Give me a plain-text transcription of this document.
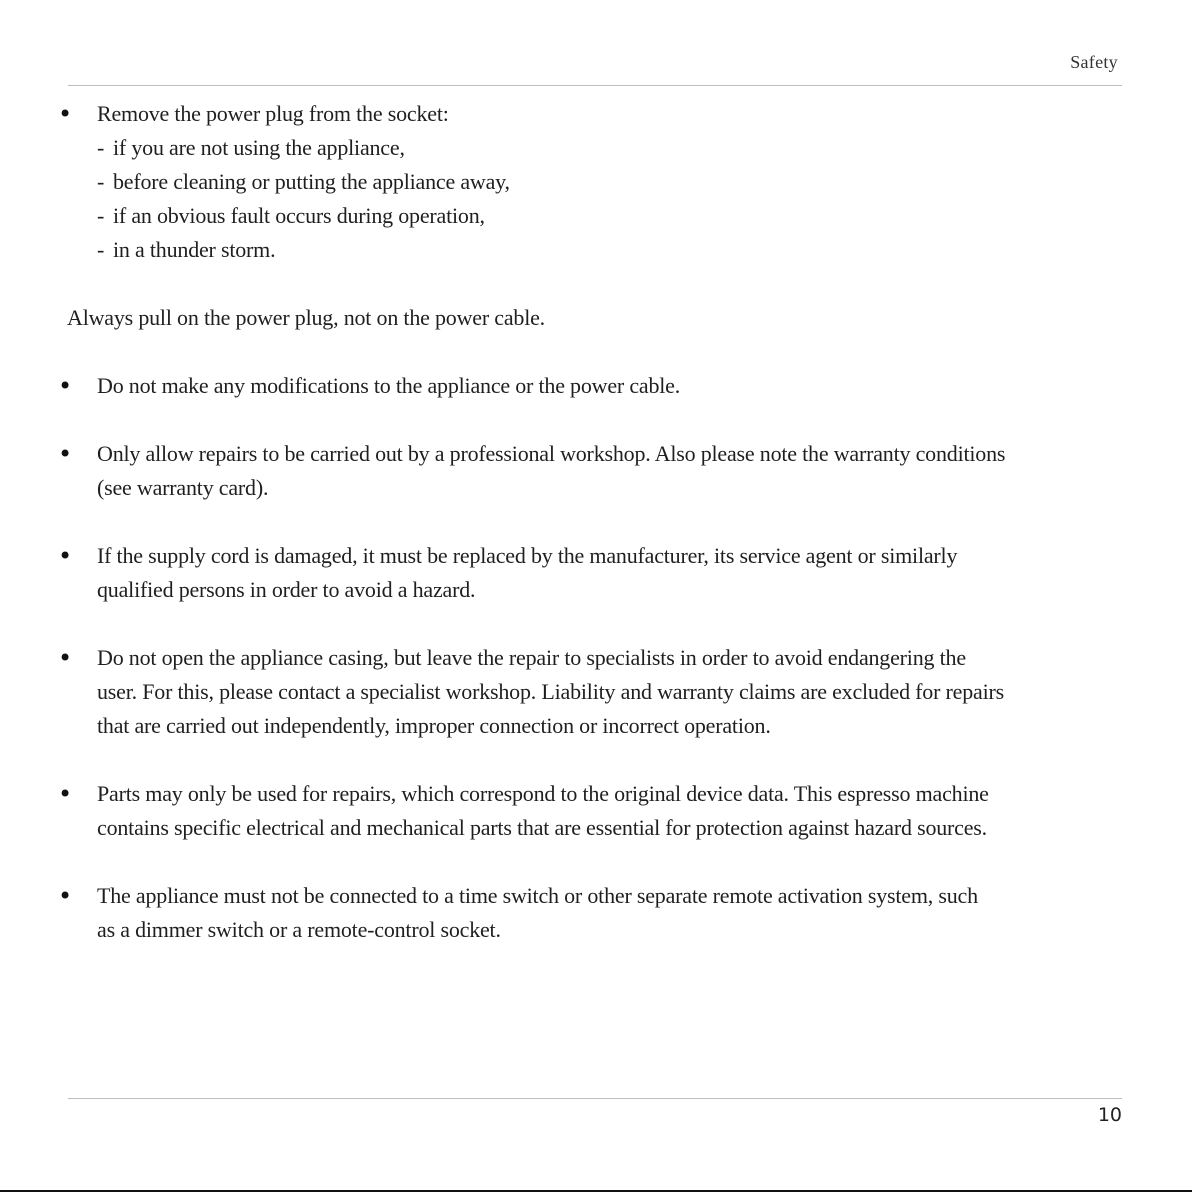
Safety
• Remove the power plug from the socket:
- if you are not using the appliance,
- before cleaning or putting the appliance away,
- if an obvious fault occurs during operation,
- in a thunder storm.
Always pull on the power plug, not on the power cable.
• Do not make any modifications to the appliance or the power cable.
• Only allow repairs to be carried out by a professional workshop. Also please note the warranty conditions
(see warranty card).
• If the supply cord is damaged, it must be replaced by the manufacturer, its service agent or similarly
qualified persons in order to avoid a hazard.
• Do not open the appliance casing, but leave the repair to specialists in order to avoid endangering the
user. For this, please contact a specialist workshop. Liability and warranty claims are excluded for repairs
that are carried out independently, improper connection or incorrect operation.
• Parts may only be used for repairs, which correspond to the original device data. This espresso machine
contains specific electrical and mechanical parts that are essential for protection against hazard sources.
• The appliance must not be connected to a time switch or other separate remote activation system, such
as a dimmer switch or a remote-control socket.
10
